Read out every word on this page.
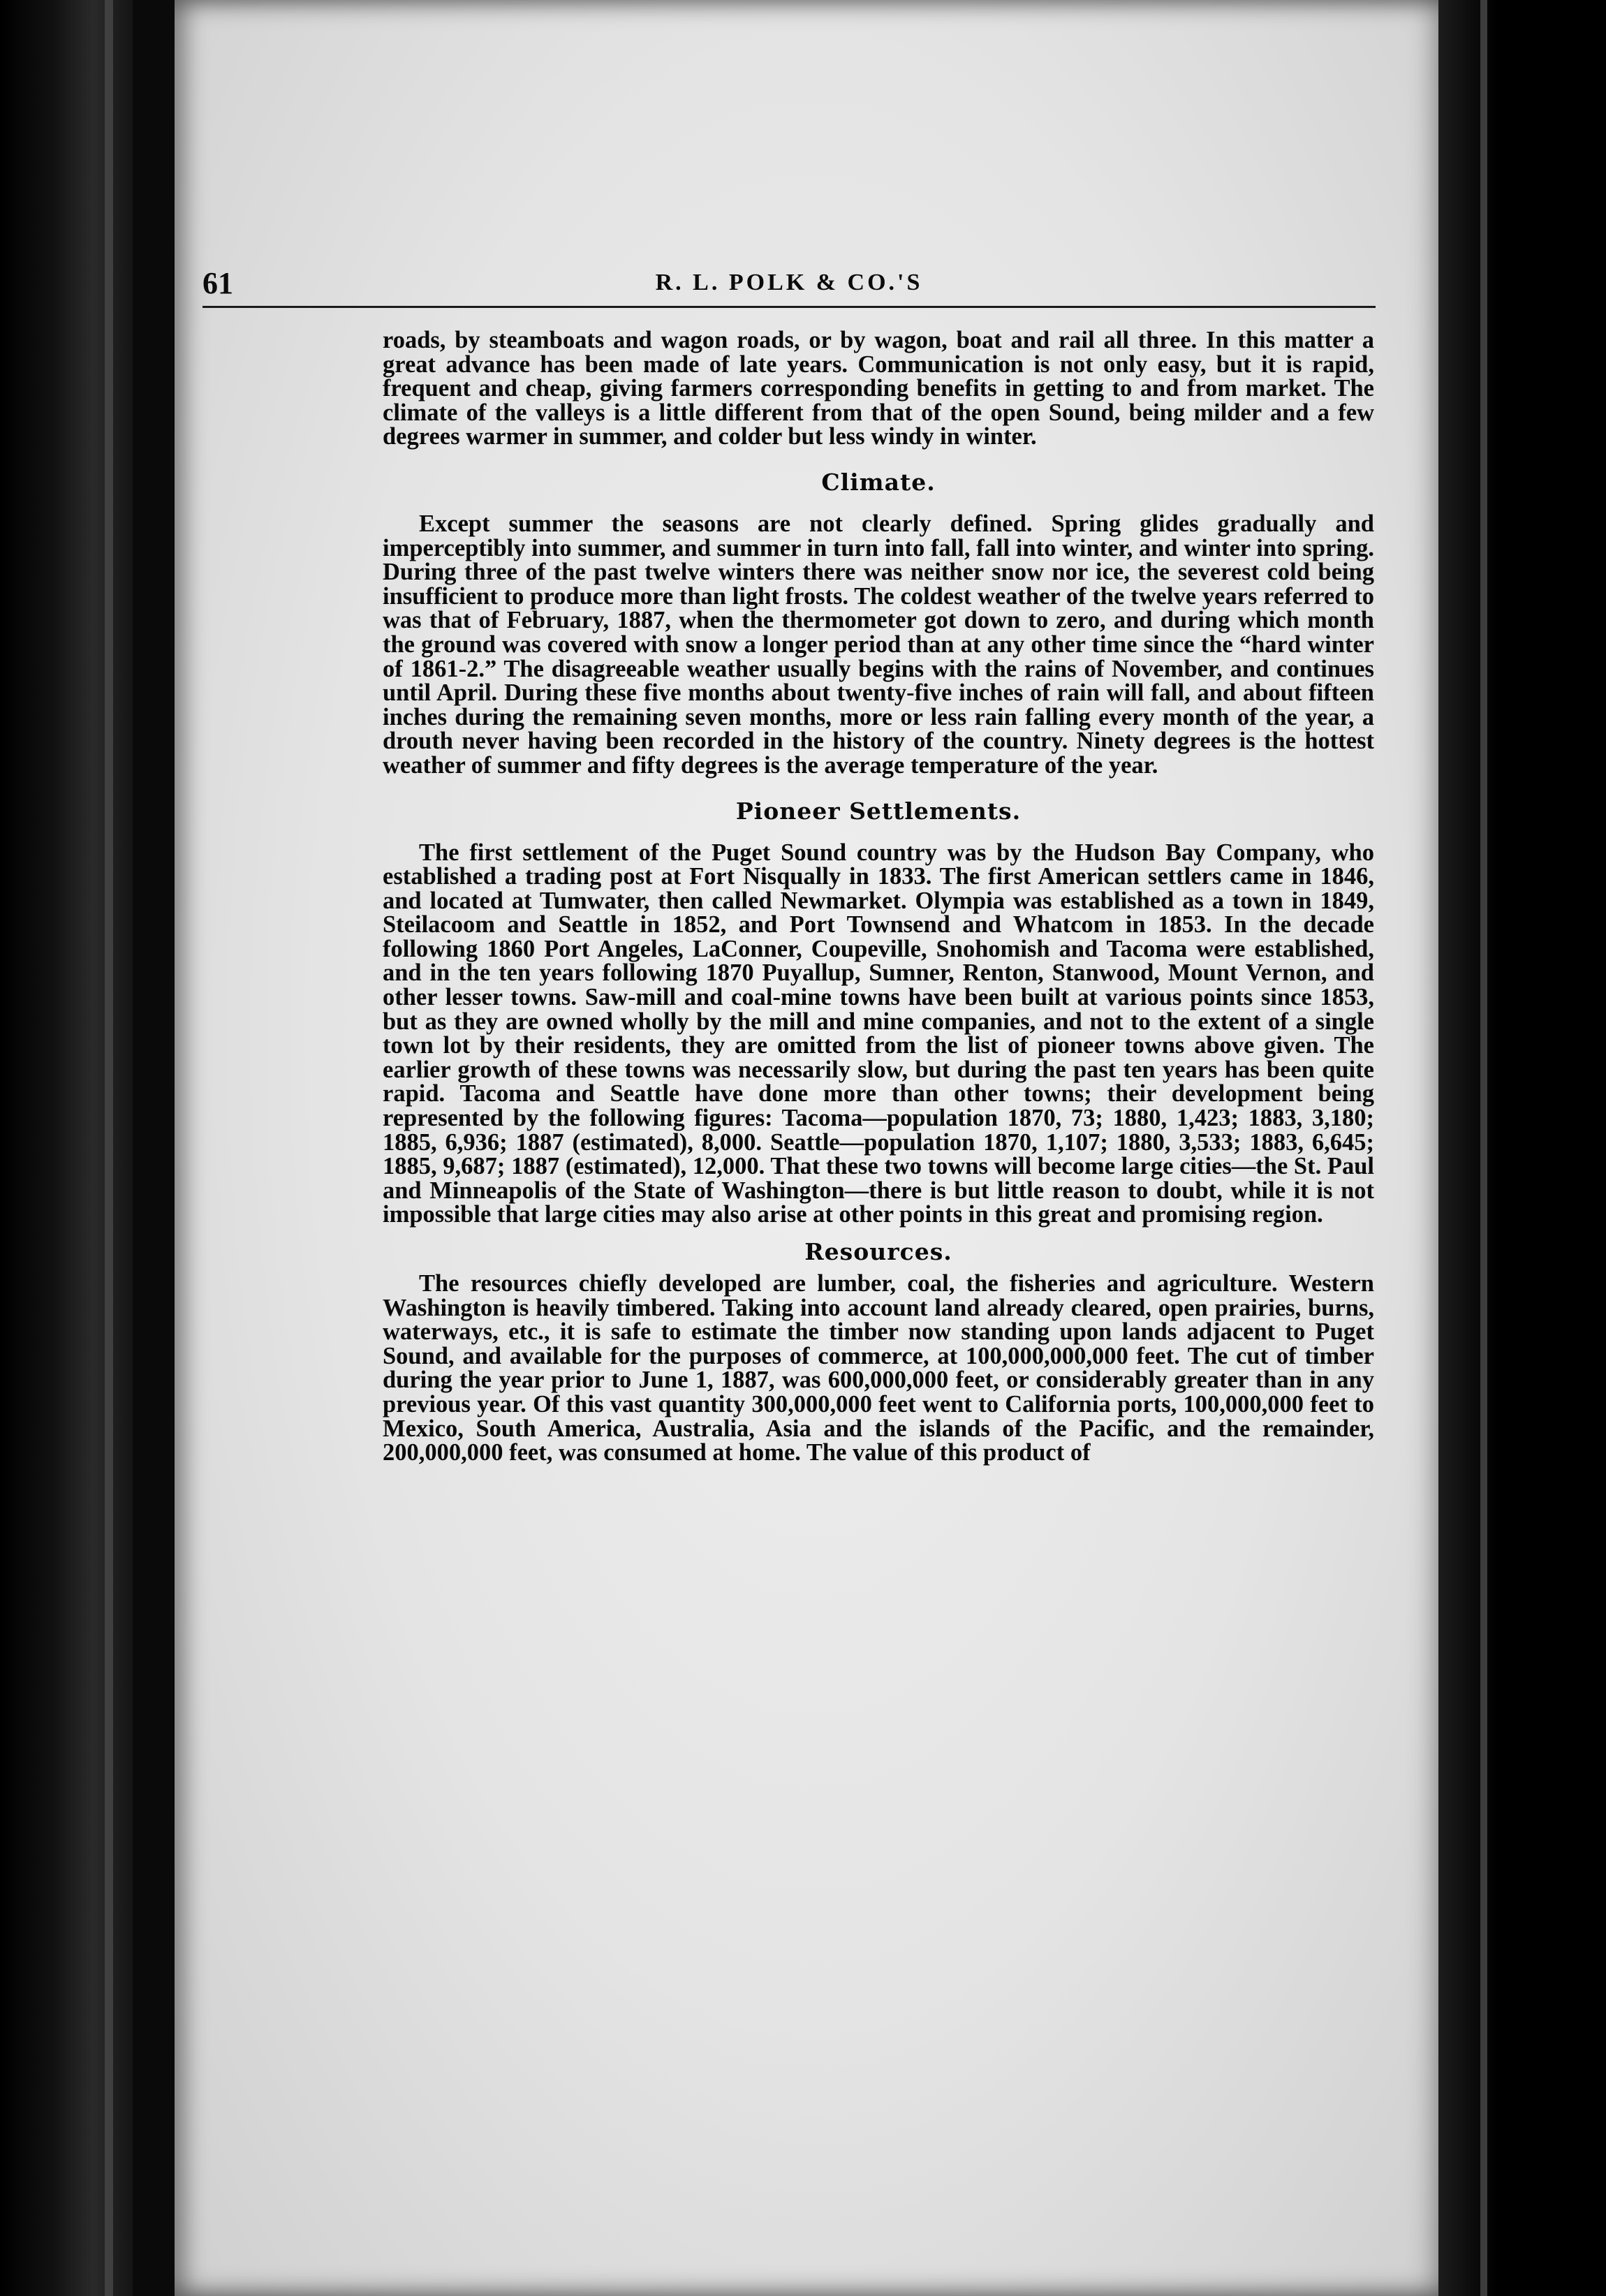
61	R. L. POLK & CO.'S

roads, by steamboats and wagon roads, or by wagon, boat and rail all three. In this matter a great advance has been made of late years. Communication is not only easy, but it is rapid, frequent and cheap, giving farmers corresponding benefits in getting to and from market. The climate of the valleys is a little different from that of the open Sound, being milder and a few degrees warmer in summer, and colder but less windy in winter.

Climate.

Except summer the seasons are not clearly defined. Spring glides gradually and imperceptibly into summer, and summer in turn into fall, fall into winter, and winter into spring. During three of the past twelve winters there was neither snow nor ice, the severest cold being insufficient to produce more than light frosts. The coldest weather of the twelve years referred to was that of February, 1887, when the thermometer got down to zero, and during which month the ground was covered with snow a longer period than at any other time since the “hard winter of 1861-2.” The disagreeable weather usually begins with the rains of November, and continues until April. During these five months about twenty-five inches of rain will fall, and about fifteen inches during the remaining seven months, more or less rain falling every month of the year, a drouth never having been recorded in the history of the country. Ninety degrees is the hottest weather of summer and fifty degrees is the average temperature of the year.

Pioneer Settlements.

The first settlement of the Puget Sound country was by the Hudson Bay Company, who established a trading post at Fort Nisqually in 1833. The first American settlers came in 1846, and located at Tumwater, then called Newmarket. Olympia was established as a town in 1849, Steilacoom and Seattle in 1852, and Port Townsend and Whatcom in 1853. In the decade following 1860 Port Angeles, LaConner, Coupeville, Snohomish and Tacoma were established, and in the ten years following 1870 Puyallup, Sumner, Renton, Stanwood, Mount Vernon, and other lesser towns. Saw-mill and coal-mine towns have been built at various points since 1853, but as they are owned wholly by the mill and mine companies, and not to the extent of a single town lot by their residents, they are omitted from the list of pioneer towns above given. The earlier growth of these towns was necessarily slow, but during the past ten years has been quite rapid. Tacoma and Seattle have done more than other towns; their development being represented by the following figures: Tacoma—population 1870, 73; 1880, 1,423; 1883, 3,180; 1885, 6,936; 1887 (estimated), 8,000. Seattle—population 1870, 1,107; 1880, 3,533; 1883, 6,645; 1885, 9,687; 1887 (estimated), 12,000. That these two towns will become large cities—the St. Paul and Minneapolis of the State of Washington—there is but little reason to doubt, while it is not impossible that large cities may also arise at other points in this great and promising region.

Resources.

The resources chiefly developed are lumber, coal, the fisheries and agriculture. Western Washington is heavily timbered. Taking into account land already cleared, open prairies, burns, waterways, etc., it is safe to estimate the timber now standing upon lands adjacent to Puget Sound, and available for the purposes of commerce, at 100,000,000,000 feet. The cut of timber during the year prior to June 1, 1887, was 600,000,000 feet, or considerably greater than in any previous year. Of this vast quantity 300,000,000 feet went to California ports, 100,000,000 feet to Mexico, South America, Australia, Asia and the islands of the Pacific, and the remainder, 200,000,000 feet, was consumed at home. The value of this product of
